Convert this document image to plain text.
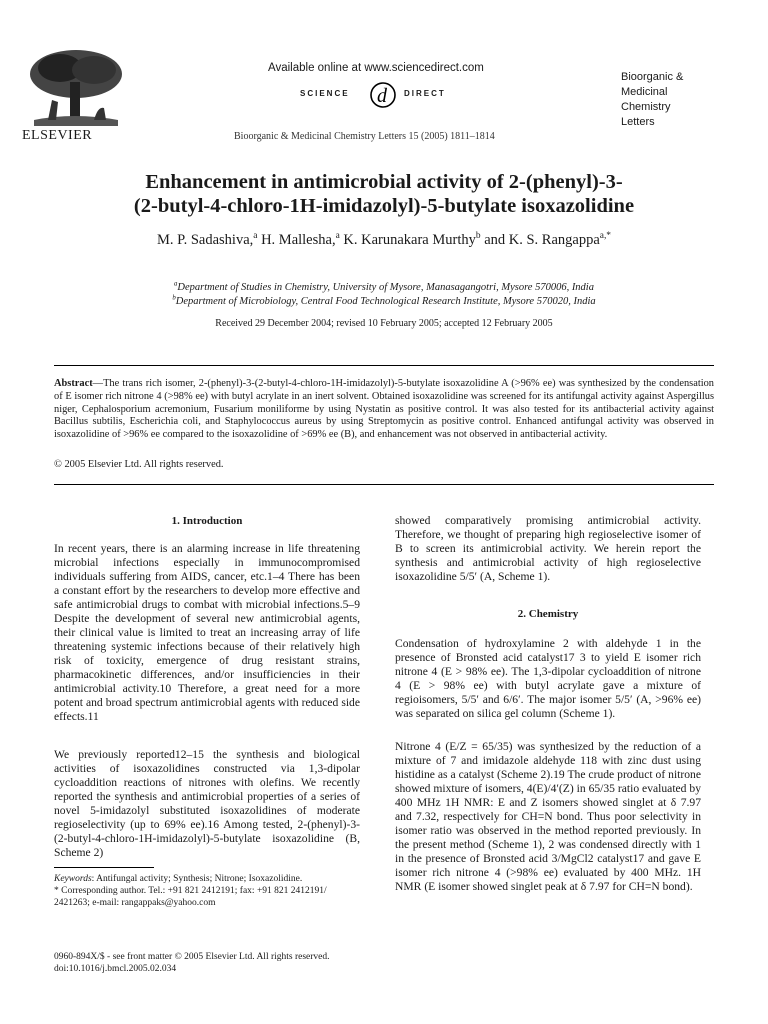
ELSEVIER
Available online at www.sciencedirect.com
SCIENCE d DIRECT
Bioorganic & Medicinal Chemistry Letters 15 (2005) 1811–1814
Bioorganic &
Medicinal
Chemistry
Letters
Enhancement in antimicrobial activity of 2-(phenyl)-3-
(2-butyl-4-chloro-1H-imidazolyl)-5-butylate isoxazolidine
M. P. Sadashiva,$^a$ H. Mallesha,$^a$ K. Karunakara Murthy$^b$ and K. S. Rangappa$^{a,*}$
$^a$Department of Studies in Chemistry, University of Mysore, Manasagangotri, Mysore 570006, India
$^b$Department of Microbiology, Central Food Technological Research Institute, Mysore 570020, India
Received 29 December 2004; revised 10 February 2005; accepted 12 February 2005
Abstract—The trans rich isomer, 2-(phenyl)-3-(2-butyl-4-chloro-1H-imidazolyl)-5-butylate isoxazolidine A (>96% ee) was synthesized by the condensation of E isomer rich nitrone 4 (>98% ee) with butyl acrylate in an inert solvent. Obtained isoxazolidine was screened for its antifungal activity against Aspergillus niger, Cephalosporium acremonium, Fusarium moniliforme by using Nystatin as positive control. It was also tested for its antibacterial activity against Bacillus subtilis, Escherichia coli, and Staphylococcus aureus by using Streptomycin as positive control. Enhanced antifungal activity was observed in isoxazolidine of >96% ee compared to the isoxazolidine of >69% ee (B), and enhancement was not observed in antibacterial activity.
© 2005 Elsevier Ltd. All rights reserved.
1. Introduction
In recent years, there is an alarming increase in life threatening microbial infections especially in immunocompromised individuals suffering from AIDS, cancer, etc.1–4 There has been a constant effort by the researchers to develop more effective and safe antimicrobial drugs to combat with microbial infections.5–9 Despite the development of several new antimicrobial agents, their clinical value is limited to treat an increasing array of life threatening systemic infections because of their relatively high risk of toxicity, emergence of drug resistant strains, pharmacokinetic differences, and/or insufficiencies in their antimicrobial activity.10 Therefore, a great need for a more potent and broad spectrum antimicrobial agents with reduced side effects.11
We previously reported12–15 the synthesis and biological activities of isoxazolidines constructed via 1,3-dipolar cycloaddition reactions of nitrones with olefins. We recently reported the synthesis and antimicrobial properties of a series of novel 5-imidazolyl substituted isoxazolidines of moderate regioselectivity (up to 69% ee).16 Among tested, 2-(phenyl)-3-(2-butyl-4-chloro-1H-imidazolyl)-5-butylate isoxazolidine (B, Scheme 2)
Keywords: Antifungal activity; Synthesis; Nitrone; Isoxazolidine.
* Corresponding author. Tel.: +91 821 2412191; fax: +91 821 2412191/ 2421263; e-mail: rangappaks@yahoo.com
0960-894X/$ - see front matter © 2005 Elsevier Ltd. All rights reserved.
doi:10.1016/j.bmcl.2005.02.034
showed comparatively promising antimicrobial activity. Therefore, we thought of preparing high regioselective isomer of B to screen its antimicrobial activity. We herein report the synthesis and antimicrobial activity of high regioselective isoxazolidine 5/5′ (A, Scheme 1).
2. Chemistry
Condensation of hydroxylamine 2 with aldehyde 1 in the presence of Bronsted acid catalyst17 3 to yield E isomer rich nitrone 4 (E > 98% ee). The 1,3-dipolar cycloaddition of nitrone 4 (E > 98% ee) with butyl acrylate gave a mixture of regioisomers, 5/5′ and 6/6′. The major isomer 5/5′ (A, >96% ee) was separated on silica gel column (Scheme 1).
Nitrone 4 (E/Z = 65/35) was synthesized by the reduction of a mixture of 7 and imidazole aldehyde 118 with zinc dust using histidine as a catalyst (Scheme 2).19 The crude product of nitrone showed mixture of isomers, 4(E)/4′(Z) in 65/35 ratio evaluated by 400 MHz 1H NMR: E and Z isomers showed singlet at δ 7.97 and 7.32, respectively for CH=N bond. Thus poor selectivity in isomer ratio was observed in the method reported previously. In the present method (Scheme 1), 2 was condensed directly with 1 in the presence of Bronsted acid 3/MgCl2 catalyst17 and gave E isomer rich nitrone 4 (>98% ee) evaluated by 400 MHz. 1H NMR (E isomer showed singlet peak at δ 7.97 for CH=N bond).
